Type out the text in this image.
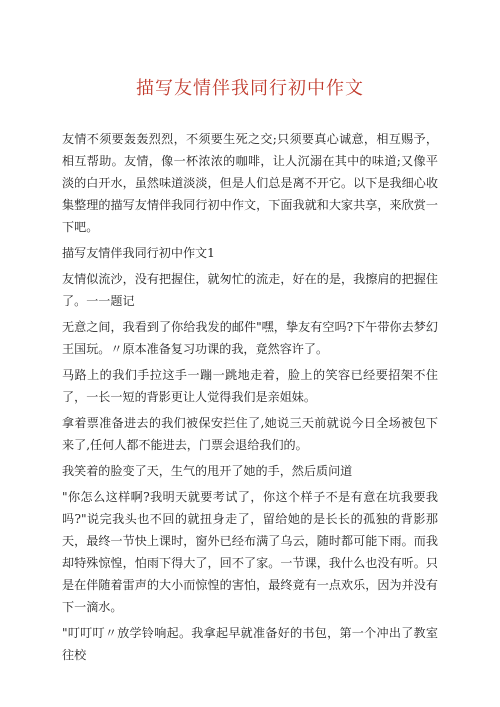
描写友情伴我同行初中作文

友情不须要轰轰烈烈，不须要生死之交;只须要真心诚意，相互赐予，相互帮助。友情，像一杯浓浓的咖啡，让人沉溺在其中的味道;又像平淡的白开水，虽然味道淡淡，但是人们总是离不开它。以下是我细心收集整理的描写友情伴我同行初中作文，下面我就和大家共享，来欣赏一下吧。

描写友情伴我同行初中作文1

友情似流沙，没有把握住，就匆忙的流走，好在的是，我擦肩的把握住了。一一题记

无意之间，我看到了你给我发的邮件"嘿，挚友有空吗?下午带你去梦幻王国玩。〃原本准备复习功课的我，竟然容许了。

马路上的我们手拉这手一蹦一跳地走着，脸上的笑容已经要招架不住了，一长一短的背影更让人觉得我们是亲姐妹。

拿着票准备进去的我们被保安拦住了,她说三天前就说今日全场被包下来了,任何人都不能进去，门票会退给我们的。

我笑着的脸变了天，生气的甩开了她的手，然后质问道

"你怎么这样啊?我明天就要考试了，你这个样子不是有意在坑我要我吗?"说完我头也不回的就扭身走了，留给她的是长长的孤独的背影那天，最终一节快上课时，窗外已经布满了乌云，随时都可能下雨。而我却特殊惊惶，怕雨下得大了，回不了家。一节课，我什么也没有听。只是在伴随着雷声的大小而惊惶的害怕，最终竟有一点欢乐，因为并没有下一滴水。

"叮叮叮〃放学铃响起。我拿起早就准备好的书包，第一个冲出了教室往校
